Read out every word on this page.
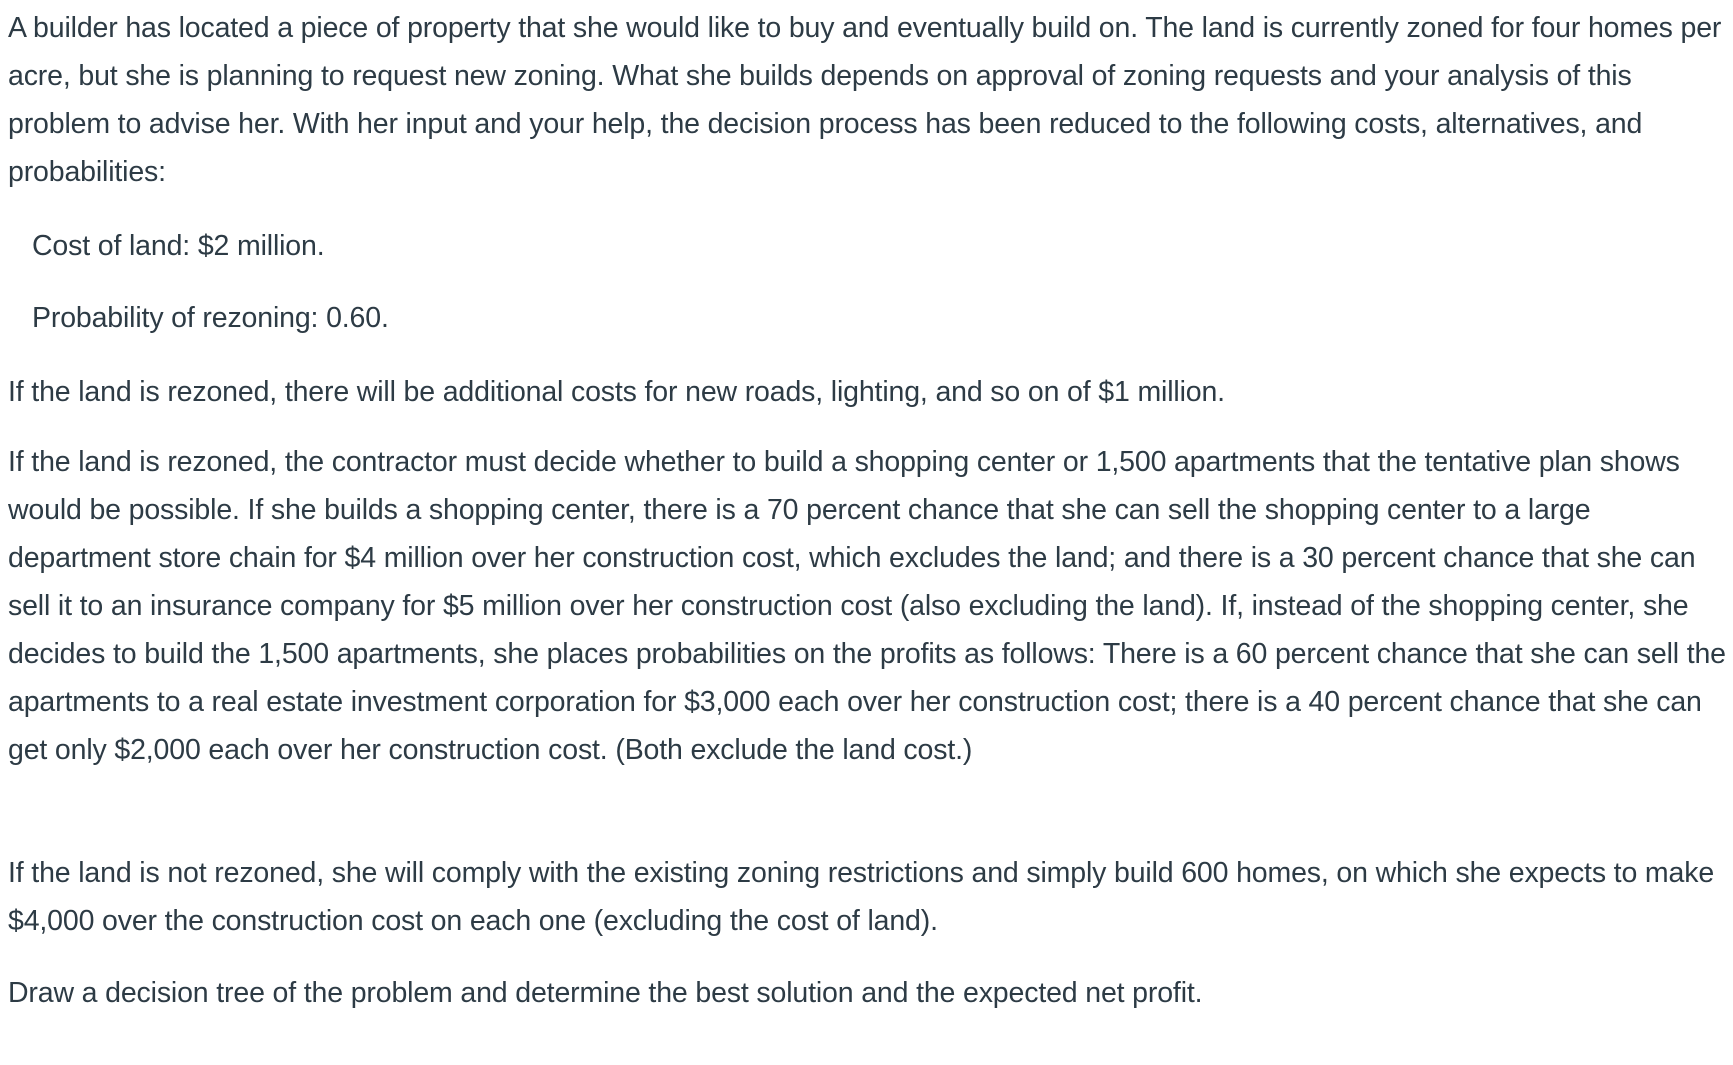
A builder has located a piece of property that she would like to buy and eventually build on. The land is currently zoned for four homes per acre, but she is planning to request new zoning. What she builds depends on approval of zoning requests and your analysis of this problem to advise her. With her input and your help, the decision process has been reduced to the following costs, alternatives, and probabilities:

Cost of land: $2 million.

Probability of rezoning: 0.60.

If the land is rezoned, there will be additional costs for new roads, lighting, and so on of $1 million.

If the land is rezoned, the contractor must decide whether to build a shopping center or 1,500 apartments that the tentative plan shows would be possible. If she builds a shopping center, there is a 70 percent chance that she can sell the shopping center to a large department store chain for $4 million over her construction cost, which excludes the land; and there is a 30 percent chance that she can sell it to an insurance company for $5 million over her construction cost (also excluding the land). If, instead of the shopping center, she decides to build the 1,500 apartments, she places probabilities on the profits as follows: There is a 60 percent chance that she can sell the apartments to a real estate investment corporation for $3,000 each over her construction cost; there is a 40 percent chance that she can get only $2,000 each over her construction cost. (Both exclude the land cost.)

If the land is not rezoned, she will comply with the existing zoning restrictions and simply build 600 homes, on which she expects to make $4,000 over the construction cost on each one (excluding the cost of land).

Draw a decision tree of the problem and determine the best solution and the expected net profit.
